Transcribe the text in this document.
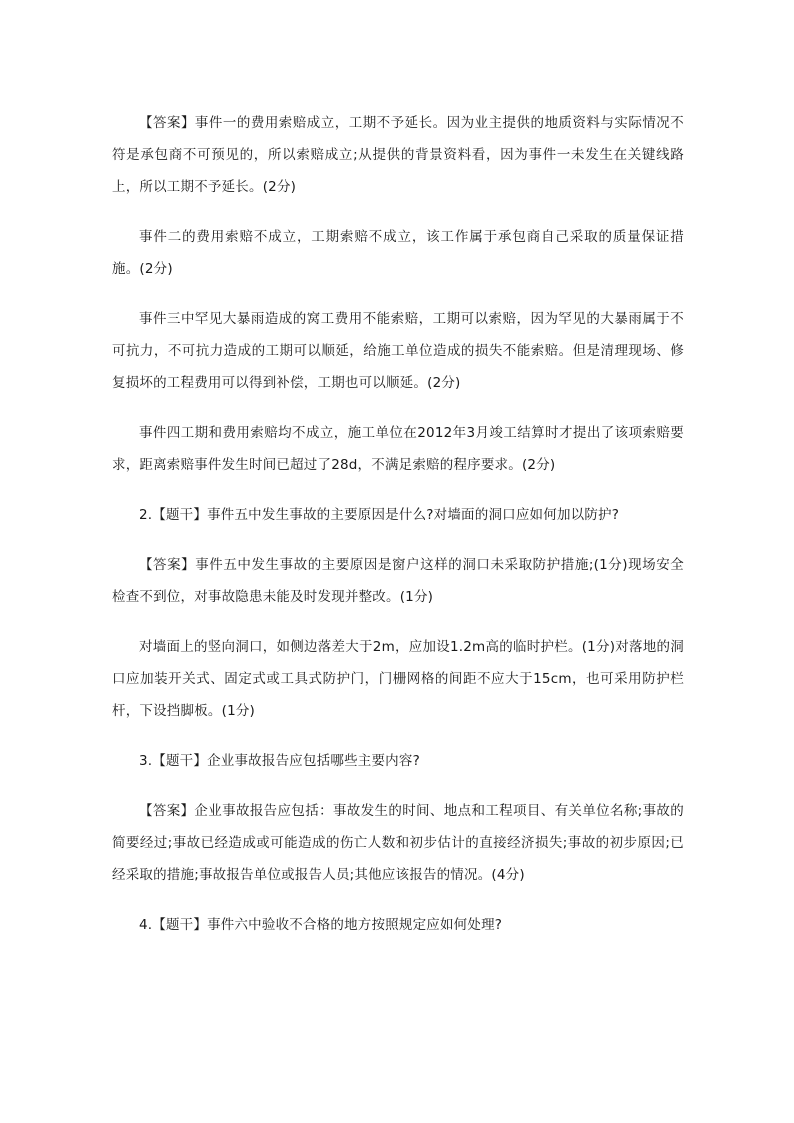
【答案】事件一的费用索赔成立，工期不予延长。因为业主提供的地质资料与实际情况不符是承包商不可预见的，所以索赔成立;从提供的背景资料看，因为事件一未发生在关键线路上，所以工期不予延长。(2分)

事件二的费用索赔不成立，工期索赔不成立，该工作属于承包商自己采取的质量保证措施。(2分)

事件三中罕见大暴雨造成的窝工费用不能索赔，工期可以索赔，因为罕见的大暴雨属于不可抗力，不可抗力造成的工期可以顺延，给施工单位造成的损失不能索赔。但是清理现场、修复损坏的工程费用可以得到补偿，工期也可以顺延。(2分)

事件四工期和费用索赔均不成立，施工单位在2012年3月竣工结算时才提出了该项索赔要求，距离索赔事件发生时间已超过了28d，不满足索赔的程序要求。(2分)

2.【题干】事件五中发生事故的主要原因是什么?对墙面的洞口应如何加以防护?

【答案】事件五中发生事故的主要原因是窗户这样的洞口未采取防护措施;(1分)现场安全检查不到位，对事故隐患未能及时发现并整改。(1分)

对墙面上的竖向洞口，如侧边落差大于2m，应加设1.2m高的临时护栏。(1分)对落地的洞口应加装开关式、固定式或工具式防护门，门栅网格的间距不应大于15cm，也可采用防护栏杆，下设挡脚板。(1分)

3.【题干】企业事故报告应包括哪些主要内容?

【答案】企业事故报告应包括：事故发生的时间、地点和工程项目、有关单位名称;事故的简要经过;事故已经造成或可能造成的伤亡人数和初步估计的直接经济损失;事故的初步原因;已经采取的措施;事故报告单位或报告人员;其他应该报告的情况。(4分)

4.【题干】事件六中验收不合格的地方按照规定应如何处理?
